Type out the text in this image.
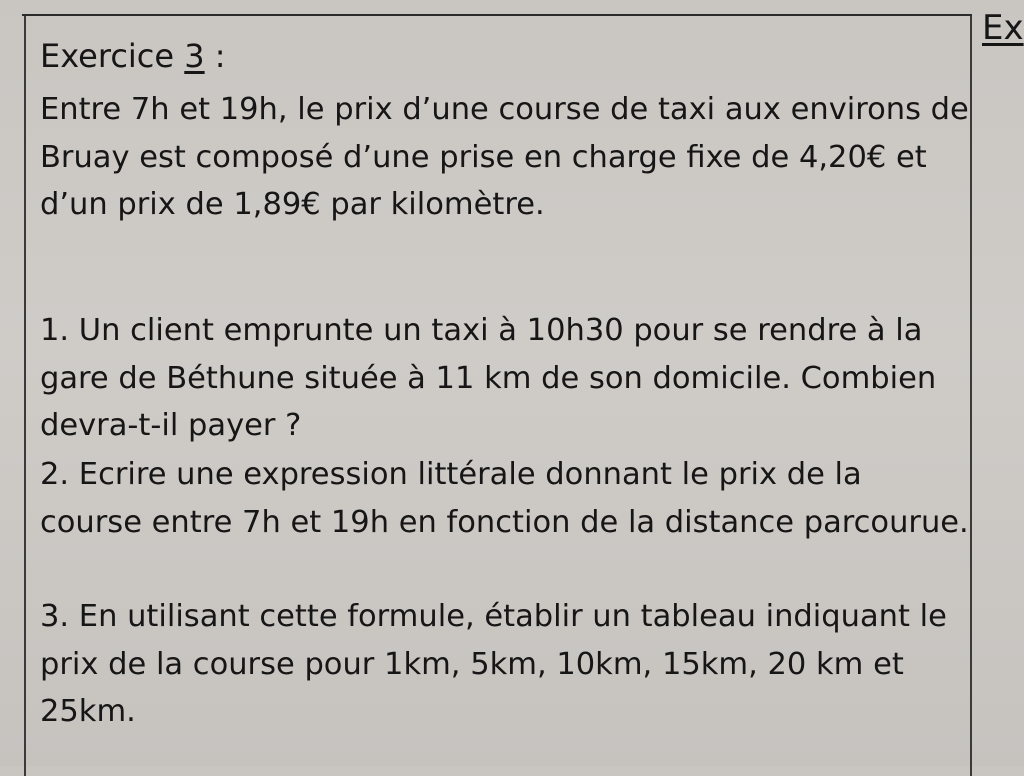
Ex
Exercice 3 :

Entre 7h et 19h, le prix d’une course de taxi aux environs de Bruay est composé d’une prise en charge fixe de 4,20€ et d’un prix de 1,89€ par kilomètre.

1. Un client emprunte un taxi à 10h30 pour se rendre à la gare de Béthune située à 11 km de son domicile. Combien devra-t-il payer ?

2. Ecrire une expression littérale donnant le prix de la course entre 7h et 19h en fonction de la distance parcourue.

3. En utilisant cette formule, établir un tableau indiquant le prix de la course pour 1km, 5km, 10km, 15km, 20 km et 25km.
